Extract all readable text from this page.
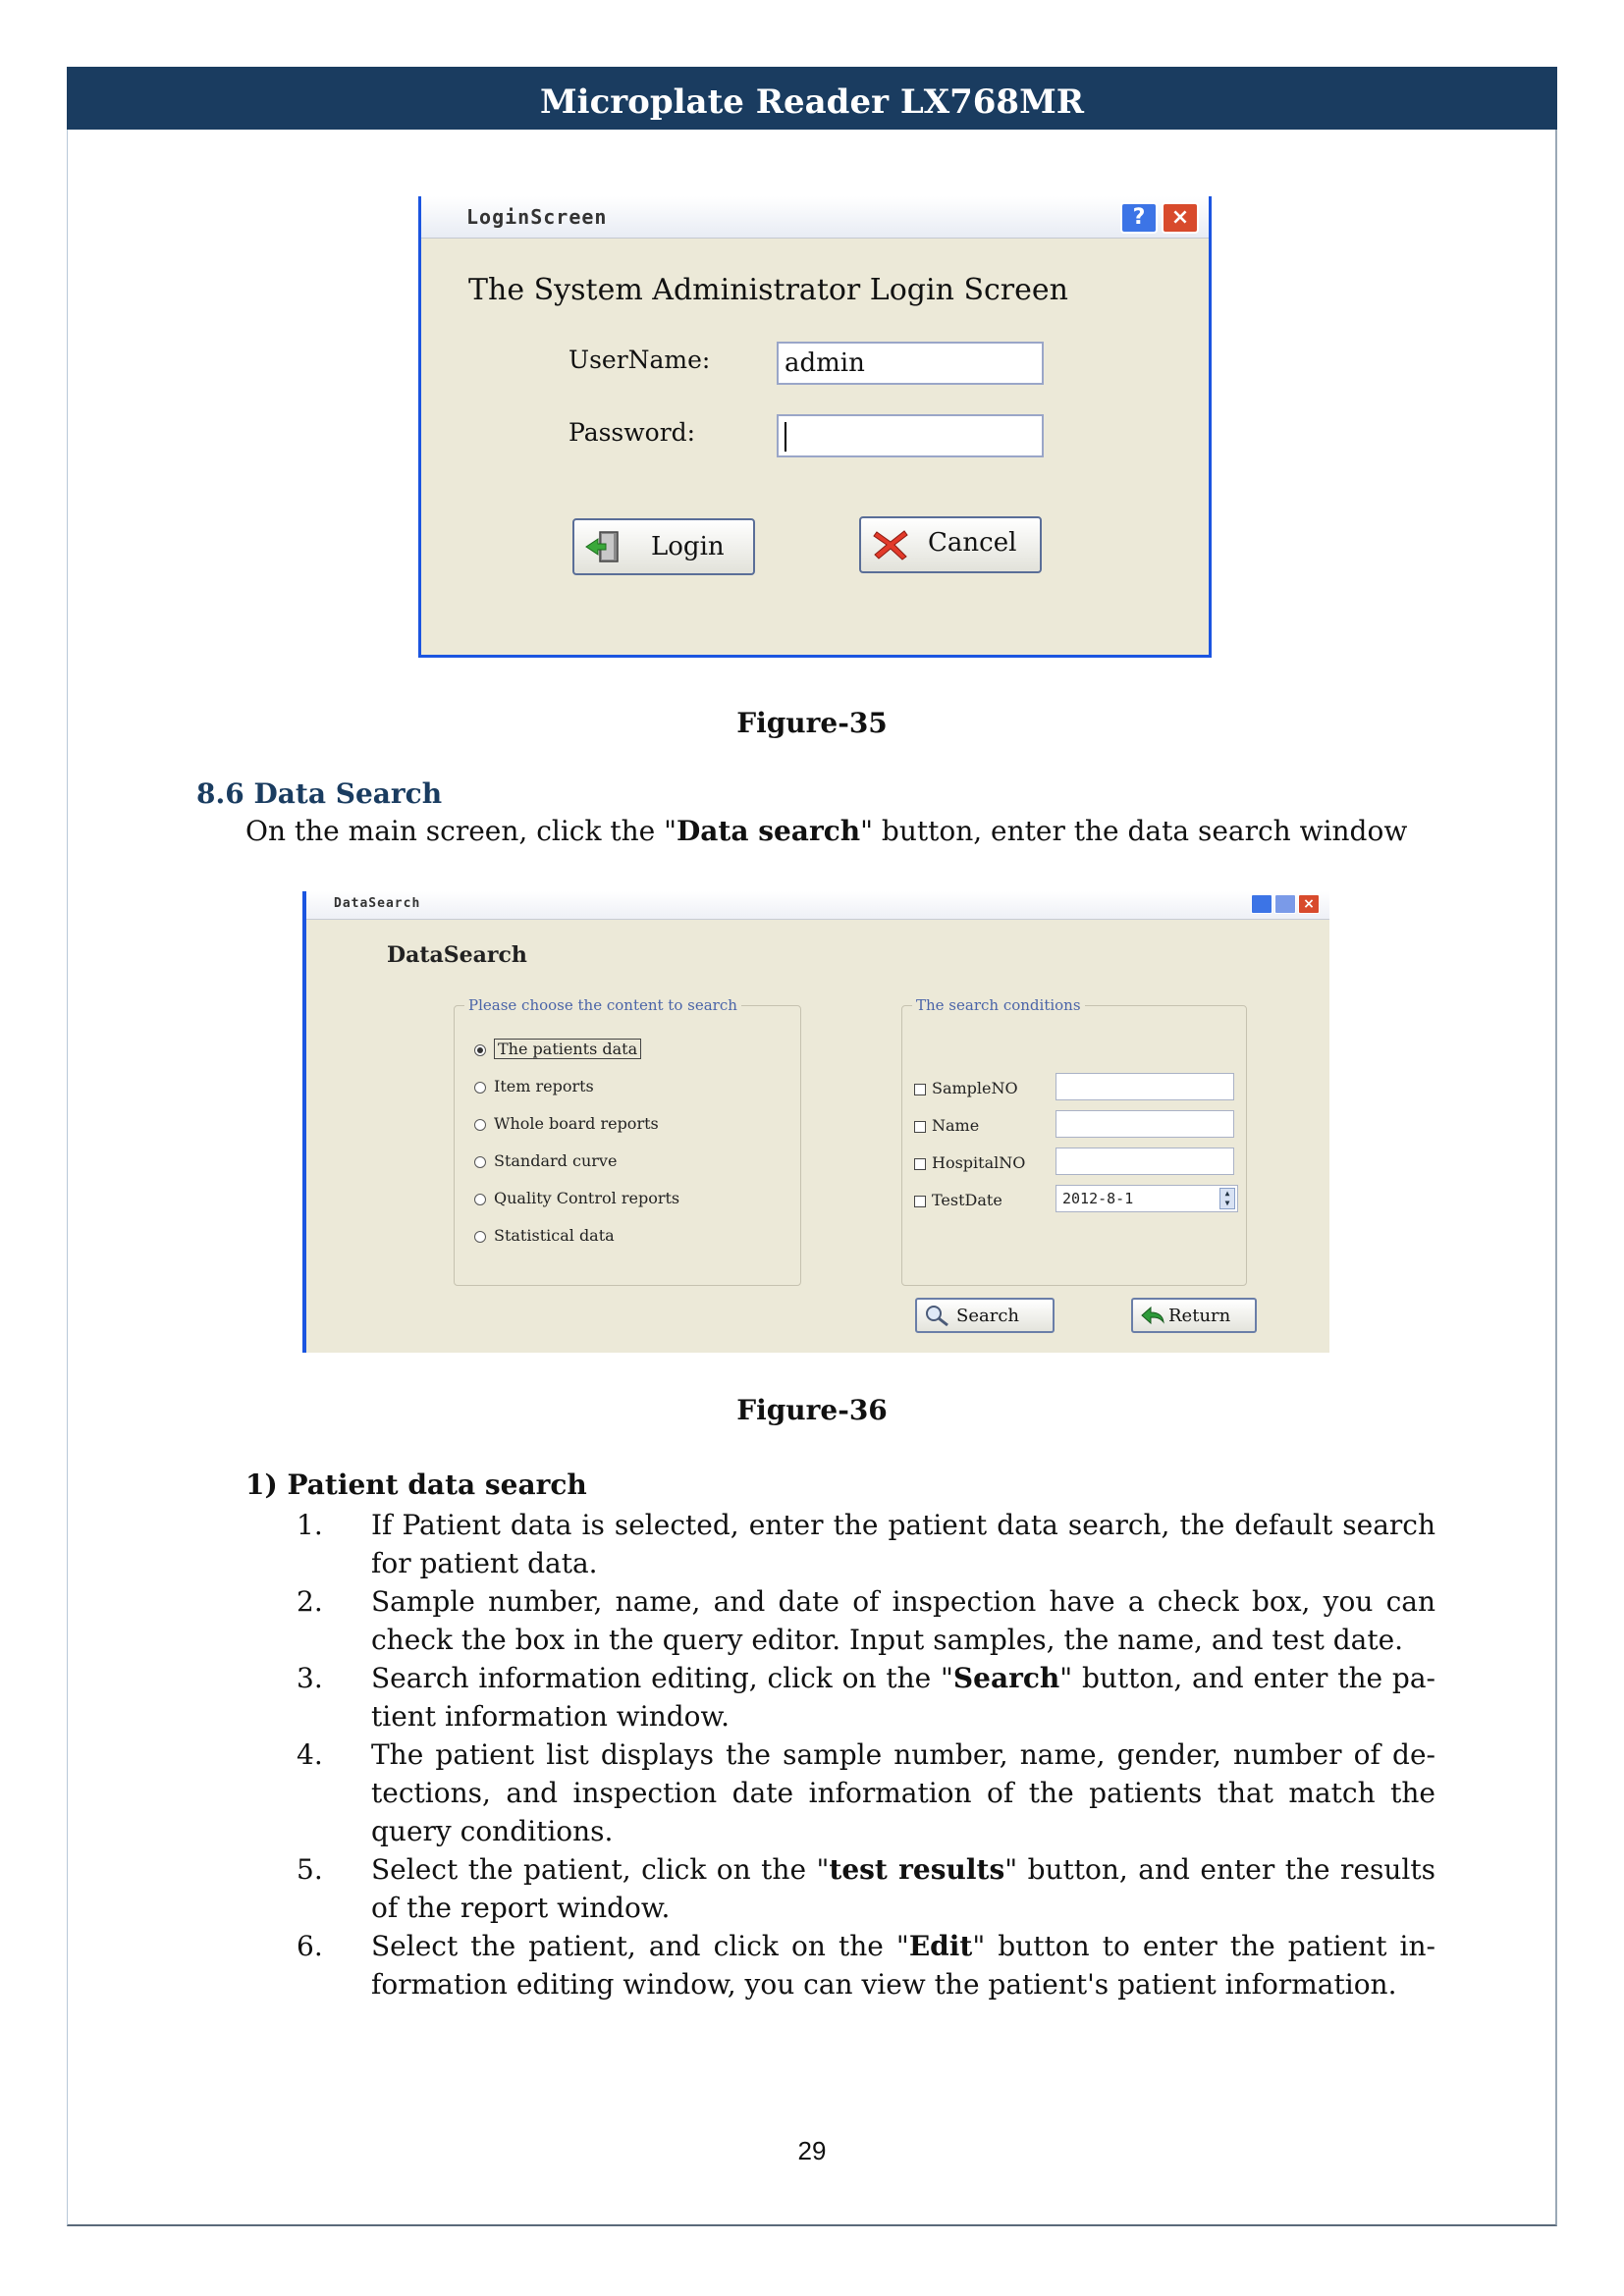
Microplate Reader LX768MR
LoginScreen	?	×
The System Administrator Login Screen
UserName:	admin
Password:
Login	Cancel
Figure-35
8.6 Data Search
On the main screen, click the "Data search" button, enter the data search window
DataSearch	×
DataSearch
Please choose the content to search
The patients data
Item reports
Whole board reports
Standard curve
Quality Control reports
Statistical data
The search conditions
SampleNO
Name
HospitalNO
TestDate	2012-8-1	▲
▼
Search	Return
Figure-36
1) Patient data search
1. If Patient data is selected, enter the patient data search, the default search for patient data.
2. Sample number, name, and date of inspection have a check box, you can check the box in the query editor. Input samples, the name, and test date.
3. Search information editing, click on the "Search" button, and enter the patient information window.
4. The patient list displays the sample number, name, gender, number of detections, and inspection date information of the patients that match the query conditions.
5. Select the patient, click on the "test results" button, and enter the results of the report window.
6. Select the patient, and click on the "Edit" button to enter the patient information editing window, you can view the patient's patient information.
29
